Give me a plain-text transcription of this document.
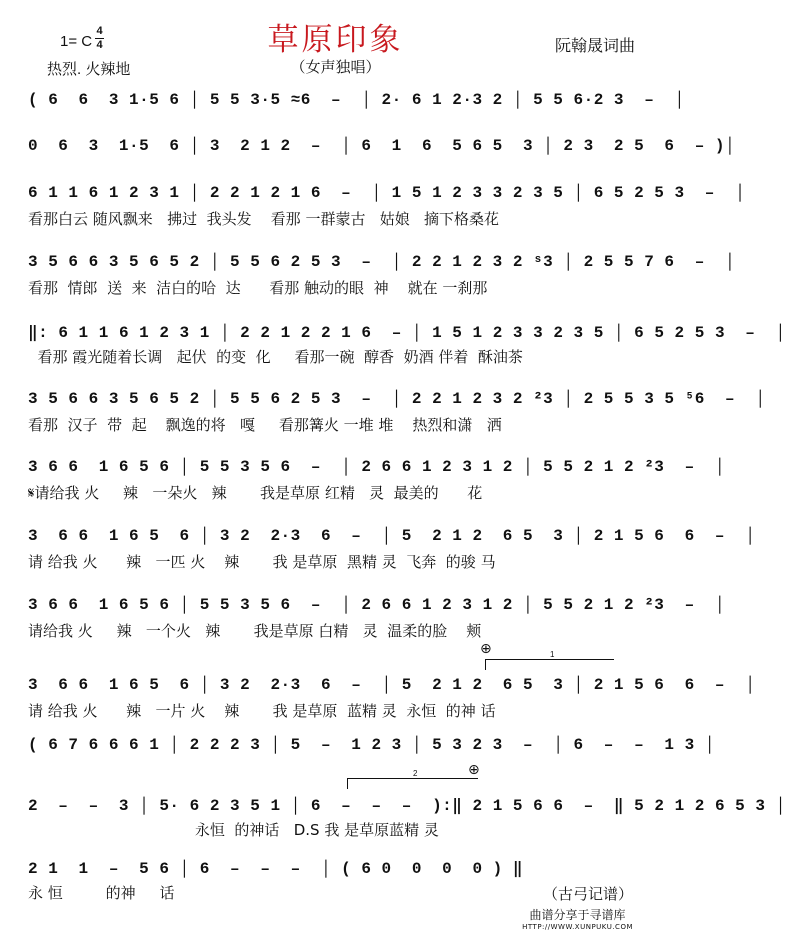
草原印象
1= C
4
4
热烈. 火辣地
阮翰晟词曲
（女声独唱）
( 6  6  3 1·5 6 │ 5 5 3·5 ≈6  –  │ 2· 6 1 2·3 2 │ 5 5 6·2 3  –  │
0  6  3  1·5  6 │ 3  2 1 2  –  │ 6  1  6  5 6 5  3 │ 2 3  2 5  6  – )│
6 1 1 6 1 2 3 1 │ 2 2 1 2 1 6  –  │ 1 5 1 2 3 3 2 3 5 │ 6 5 2 5 3  –  │
看那白云 随风飘来   拂过  我头发    看那 一群蒙古   姑娘   摘下格桑花
3 5 6 6 3 5 6 5 2 │ 5 5 6 2 5 3  –  │ 2 2 1 2 3 2 ˢ3 │ 2 5 5 7 6  –  │
看那  情郎  送  来  洁白的哈  达      看那 触动的眼  神    就在 一刹那
‖: 6 1 1 6 1 2 3 1 │ 2 2 1 2 2 1 6  – │ 1 5 1 2 3 3 2 3 5 │ 6 5 2 5 3  –  │
看那 霞光随着长调   起伏  的变  化     看那一碗  醇香  奶酒 伴着  酥油茶
3 5 6 6 3 5 6 5 2 │ 5 5 6 2 5 3  –  │ 2 2 1 2 3 2 ²3 │ 2 5 5 3 5 ⁵6  –  │
看那  汉子  带  起    飘逸的将   嘎     看那篝火 一堆 堆    热烈和潇   洒
3 6 6  1 6 5 6 │ 5 5 3 5 6  –  │ 2 6 6 1 2 3 1 2 │ 5 5 2 1 2 ²3  –  │
𝄋请给我 火     辣   一朵火   辣       我是草原 红精   灵  最美的      花
3  6 6  1 6 5  6 │ 3 2  2·3  6  –  │ 5  2 1 2  6 5  3 │ 2 1 5 6  6  –  │
请 给我 火      辣   一匹 火    辣       我 是草原  黑精 灵  飞奔  的骏 马
3 6 6  1 6 5 6 │ 5 5 3 5 6  –  │ 2 6 6 1 2 3 1 2 │ 5 5 2 1 2 ²3  –  │
请给我 火     辣   一个火   辣       我是草原 白精   灵  温柔的脸    颊
1
⊕
3  6 6  1 6 5  6 │ 3 2  2·3  6  –  │ 5  2 1 2  6 5  3 │ 2 1 5 6  6  –  │
请 给我 火      辣   一片 火    辣       我 是草原  蓝精 灵  永恒  的神 话
( 6 7 6 6 6 1 │ 2 2 2 3 │ 5  –  1 2 3 │ 5 3 2 3  –  │ 6  –  –  1 3 │
2	⊕
2  –  –  3 │ 5· 6 2 3 5 1 │ 6  –  –  –  ):‖ 2 1 5 6 6  –  ‖ 5 2 1 2 6 5 3 │
永恒  的神话   D.S 我 是草原蓝精 灵
2 1  1  –  5 6 │ 6  –  –  –  │ ( 6 0  0  0  0 ) ‖
永 恒         的神     话	（古弓记谱）
曲谱分享于寻谱库
HTTP://WWW.XUNPUKU.COM
